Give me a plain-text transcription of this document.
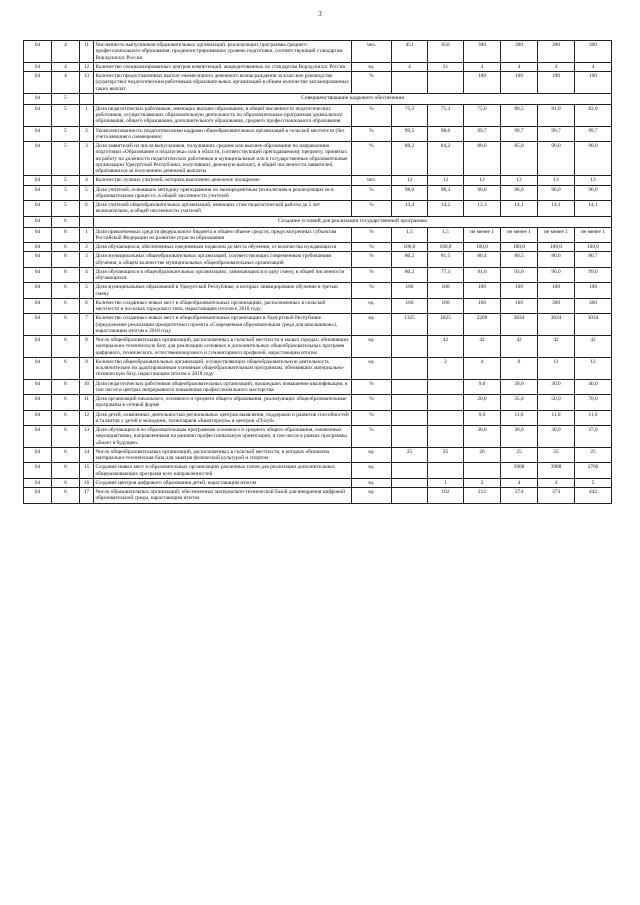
3
04	4	11	Численность выпускников образовательных организаций, реализующих программы среднего профессионального образования, продемонстрировавших уровень подготовки, соответствующий стандартам Ворлдскиллс Россия	чел.	451	650	300	300	300	300
04	4	12	Количество специализированных центров компетенций, аккредитованных по стандартам Ворлдскиллс Россия	ед.	4	21	4	4	4	4
04	4	13	Количество предоставленных выплат ежемесячного денежного вознаграждения за классное руководство (кураторство) педагогическим работникам образовательных организаций в общем количестве запланированных таких выплат	%			100	100	100	100
04	5		Совершенствование кадрового обеспечения							
04	5	1	Доля педагогических работников, имеющих высшее образование, в общей численности педагогических работников, осуществляющих образовательную деятельность по образовательным программам дошкольного образования, общего образования, дополнительного образования, среднего профессионального образования	%	75,3	75,3	75,0	80,5	81,0	82,0
04	5	2	Укомплектованность педагогическими кадрами общеобразовательных организаций в сельской местности (без учета внешнего совмещения)	%	99,5	98,6	99,7	99,7	99,7	99,7
04	5	3	Доля заявителей из числа выпускников, получивших среднее или высшее образование по направлению подготовки «Образование и педагогика» или в области, соответствующей преподаваемому предмету, принятых на работу на должности педагогических работников в муниципальные или в государственные образовательные организации Удмуртской Республики, получивших денежную выплату, в общей численности заявителей, обратившихся за получением денежной выплаты	%	88,2	84,2	80,0	85,0	90,0	96,0
04	5	4	Количество лучших учителей, которым выплачено денежное поощрение	чел.	12	12	13	13	13	13
04	5	5	Доля учителей, освоивших методику преподавания по межпредметным технологиям и реализующих ее в образовательном процессе, в общей численности учителей	%	98,0	98,3	96,0	96,0	96,0	96,0
04	5	6	Доля учителей общеобразовательных организаций, имеющих стаж педагогической работы до 5 лет включительно, в общей численности учителей	%	13,4	14,2	13,3	14,1	14,1	14,1
04	6		Создание условий для реализации государственной программы							
04	6	1	Доля привлеченных средств федерального бюджета в общем объеме средств, предусмотренных субъектам Российской Федерации на развитие отрасли образования	%	1,5	1,5	не менее 1	не менее 1	не менее 1	не менее 1
04	6	2	Доля обучающихся, обеспеченных ежедневным подвозом до места обучения, от количества нуждающихся	%	100,0	100,0	100,0	100,0	100,0	100,0
04	6	3	Доля муниципальных общеобразовательных организаций, соответствующих современным требованиям обучения, в общем количестве муниципальных общеобразовательных организаций	%	80,2	81,5	80,4	80,5	80,6	80,7
04	6	4	Доля обучающихся в общеобразовательных организациях, занимающихся в одну смену, в общей численности обучающихся	%	80,2	77,3	91,0	93,0	96,0	99,0
04	6	5	Доля муниципальных образований в Удмуртской Республике, в которых ликвидировано обучение в третью смену	%	100	100	100	100	100	100
04	6	6	Количество созданных новых мест в общеобразовательных организациях, расположенных в сельской местности и поселках городского типа, нарастающим итогом к 2018 году	ед.	160	160	160	160	360	360
04	6	7	Количество созданных новых мест в общеобразовательных организациях в Удмуртской Республике (предложение реализации приоритетного проекта «Современная образовательная среда для школьников»), нарастающим итогом к 2018 году	ед.	1325	1825	2209	3034	3034	3034
04	6	8	Число общеобразовательных организаций, расположенных в сельской местности и малых городах, обновивших материально-техническую базу для реализации основных и дополнительных общеобразовательных программ цифрового, технического, естественнонаучного и гуманитарного профилей, нарастающим итогом	ед.		42	42	42	42	42
04	6	9	Количество общеобразовательных организаций, осуществляющих общеобразовательную деятельность исключительно по адаптированным основным общеобразовательным программам, обновивших материально-техническую базу, нарастающим итогом к 2018 году	ед.		2	4	6	11	12
04	6	10	Доля педагогических работников общеобразовательных организаций, прошедших повышение квалификации, в том числе в центрах непрерывного повышения профессионального мастерства	%			9,0	20,0	30,0	40,0
04	6	11	Доля организаций начального, основного и среднего общего образования, реализующих общеобразовательные программы в сетевой форме	%			20,0	35,0	50,0	70,0
04	6	12	Доля детей, охваченных деятельностью региональных центров выявления, поддержки и развития способностей и талантов у детей и молодежи, технопарков «Кванториум» и центров «IT-куб»	%			9,0	11,0	11,0	11,0
04	6	13	Доля обучающихся по образовательным программам основного и среднего общего образования, охваченных мероприятиями, направленными на раннюю профессиональную ориентацию, в том числе в рамках программы «Билет в будущее»	%			30,0	30,0	30,0	37,0
04	6	14	Число общеобразовательных организаций, расположенных в сельской местности, в которых обновлена материально-техническая база для занятия физической культурой и спортом	ед.	25	25	26	25	25	25
04	6	15	Создание новых мест в образовательных организациях различных типов для реализации дополнительных общеразвивающих программ всех направленностей	ед.				3908	3908	2766
04	6	16	Создание центров цифрового образования детей, нарастающим итогом	ед.		1	2	4	4	5
04	6	17	Число образовательных организаций, обеспеченных материально-технической базой для внедрения цифровой образовательной среды, нарастающим итогом	ед.		102	212	274	374	442
